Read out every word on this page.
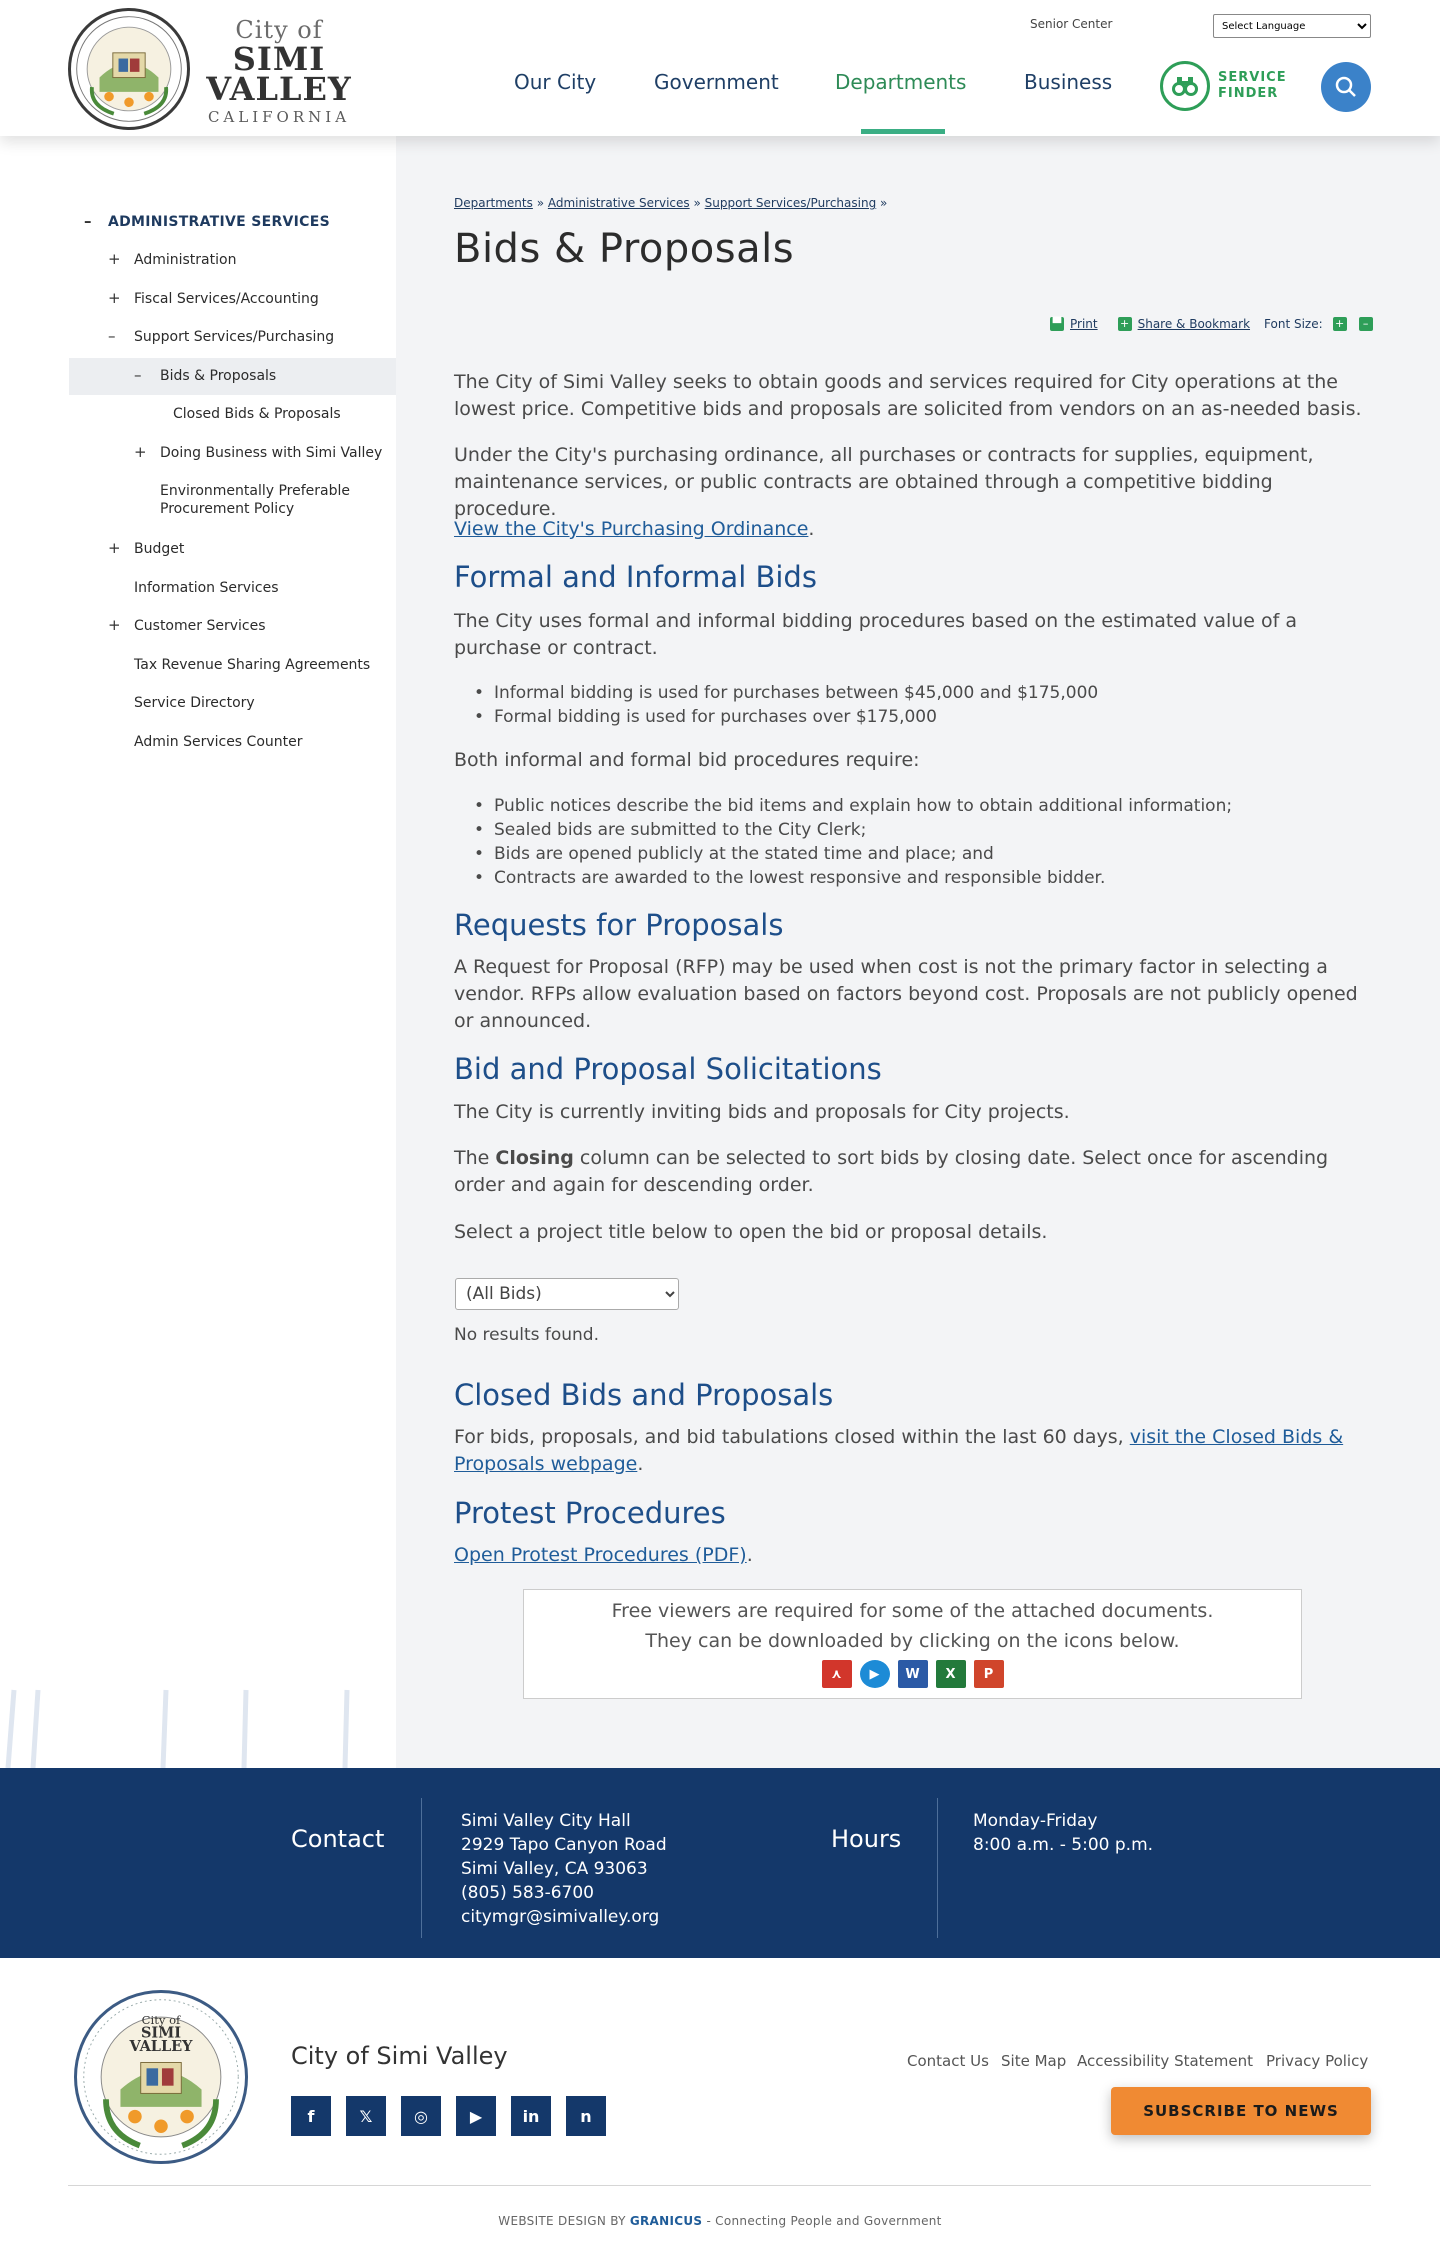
City of
SIMI
VALLEY
CALIFORNIA
Senior Center
Select Language
Our City	Government	Departments	Business	SERVICE
FINDER
– ADMINISTRATIVE SERVICES
+ Administration
+ Fiscal Services/Accounting
– Support Services/Purchasing
– Bids & Proposals
Closed Bids & Proposals
+ Doing Business with Simi Valley
Environmentally Preferable
Procurement Policy
+ Budget
Information Services
+ Customer Services
Tax Revenue Sharing Agreements
Service Directory
Admin Services Counter
Departments » Administrative Services » Support Services/Purchasing »
Bids & Proposals
▀ Print + Share & Bookmark Font Size: +	–

The City of Simi Valley seeks to obtain goods and services required for City operations at the lowest price. Competitive bids and proposals are solicited from vendors on an as-needed basis.

Under the City's purchasing ordinance, all purchases or contracts for supplies, equipment, maintenance services, or public contracts are obtained through a competitive bidding procedure.

View the City's Purchasing Ordinance.

Formal and Informal Bids

The City uses formal and informal bidding procedures based on the estimated value of a purchase or contract.

• Informal bidding is used for purchases between $45,000 and $175,000
• Formal bidding is used for purchases over $175,000

Both informal and formal bid procedures require:

• Public notices describe the bid items and explain how to obtain additional information;
• Sealed bids are submitted to the City Clerk;
• Bids are opened publicly at the stated time and place; and
• Contracts are awarded to the lowest responsive and responsible bidder.
Requests for Proposals

A Request for Proposal (RFP) may be used when cost is not the primary factor in selecting a vendor. RFPs allow evaluation based on factors beyond cost. Proposals are not publicly opened or announced.

Bid and Proposal Solicitations

The City is currently inviting bids and proposals for City projects.

The Closing column can be selected to sort bids by closing date. Select once for ascending order and again for descending order.

Select a project title below to open the bid or proposal details.

(All Bids)

No results found.

Closed Bids and Proposals

For bids, proposals, and bid tabulations closed within the last 60 days, visit the Closed Bids & Proposals webpage.

Protest Procedures

Open Protest Procedures (PDF).

Free viewers are required for some of the attached documents.
They can be downloaded by clicking on the icons below.
⋏	▶	W	X	P
Contact
Simi Valley City Hall
2929 Tapo Canyon Road
Simi Valley, CA 93063
(805) 583-6700
citymgr@simivalley.org
Hours
Monday-Friday
8:00 a.m. - 5:00 p.m.
City of
SIMI
VALLEY	City of Simi Valley
f	𝕏	◎	▶	in	n
Contact Us Site Map Accessibility Statement Privacy Policy
SUBSCRIBE TO NEWS
WEBSITE DESIGN BY GRANICUS - Connecting People and Government
